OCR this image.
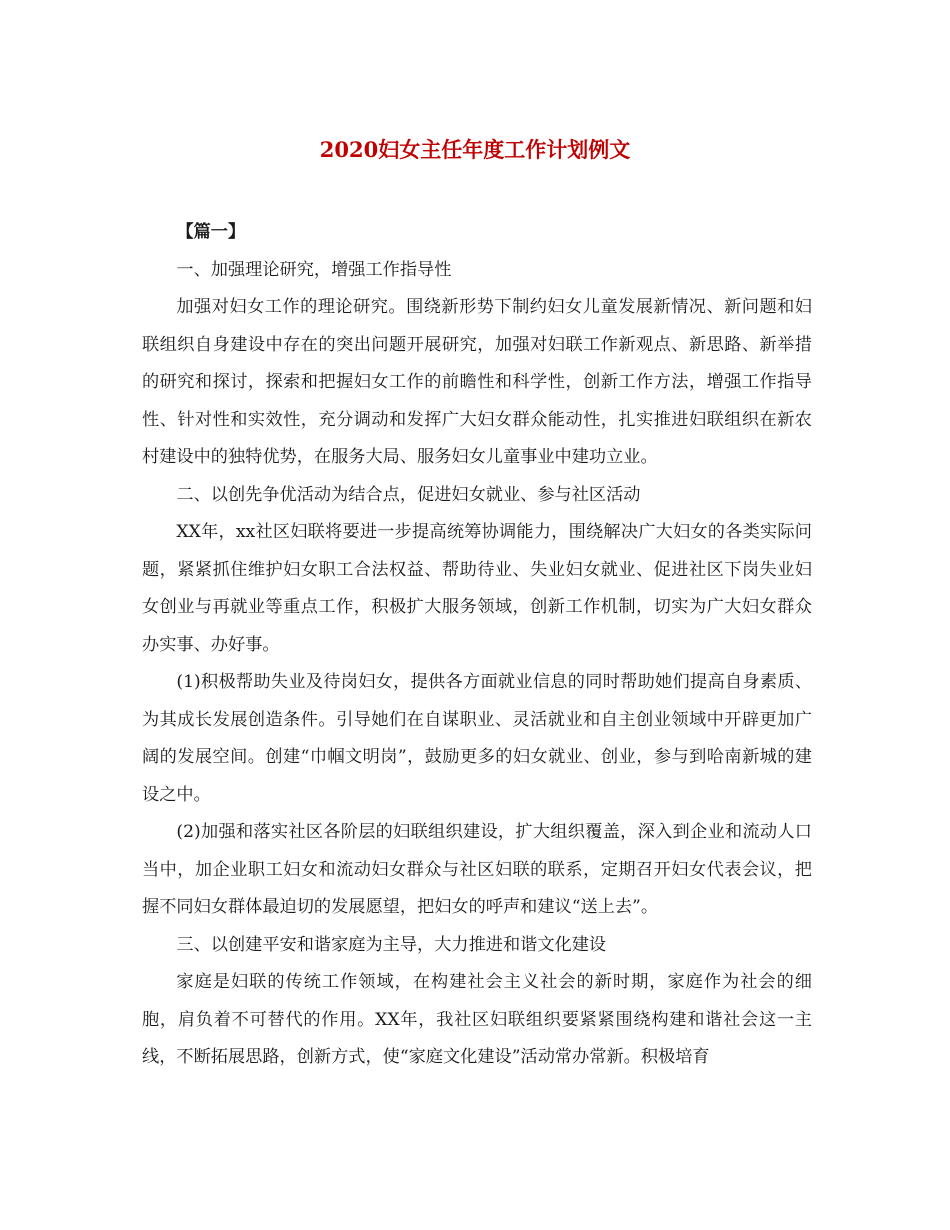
2020妇女主任年度工作计划例文

【篇一】

一、加强理论研究，增强工作指导性

加强对妇女工作的理论研究。围绕新形势下制约妇女儿童发展新情况、新问题和妇联组织自身建设中存在的突出问题开展研究，加强对妇联工作新观点、新思路、新举措的研究和探讨，探索和把握妇女工作的前瞻性和科学性，创新工作方法，增强工作指导性、针对性和实效性，充分调动和发挥广大妇女群众能动性，扎实推进妇联组织在新农村建设中的独特优势，在服务大局、服务妇女儿童事业中建功立业。

二、以创先争优活动为结合点，促进妇女就业、参与社区活动

XX年，xx社区妇联将要进一步提高统筹协调能力，围绕解决广大妇女的各类实际问题，紧紧抓住维护妇女职工合法权益、帮助待业、失业妇女就业、促进社区下岗失业妇女创业与再就业等重点工作，积极扩大服务领域，创新工作机制，切实为广大妇女群众办实事、办好事。

(1)积极帮助失业及待岗妇女，提供各方面就业信息的同时帮助她们提高自身素质、为其成长发展创造条件。引导她们在自谋职业、灵活就业和自主创业领域中开辟更加广阔的发展空间。创建“巾帼文明岗”，鼓励更多的妇女就业、创业，参与到哈南新城的建设之中。

(2)加强和落实社区各阶层的妇联组织建设，扩大组织覆盖，深入到企业和流动人口当中，加企业职工妇女和流动妇女群众与社区妇联的联系，定期召开妇女代表会议，把握不同妇女群体最迫切的发展愿望，把妇女的呼声和建议“送上去”。

三、以创建平安和谐家庭为主导，大力推进和谐文化建设

家庭是妇联的传统工作领域，在构建社会主义社会的新时期，家庭作为社会的细胞，肩负着不可替代的作用。XX年，我社区妇联组织要紧紧围绕构建和谐社会这一主线，不断拓展思路，创新方式，使“家庭文化建设”活动常办常新。积极培育
